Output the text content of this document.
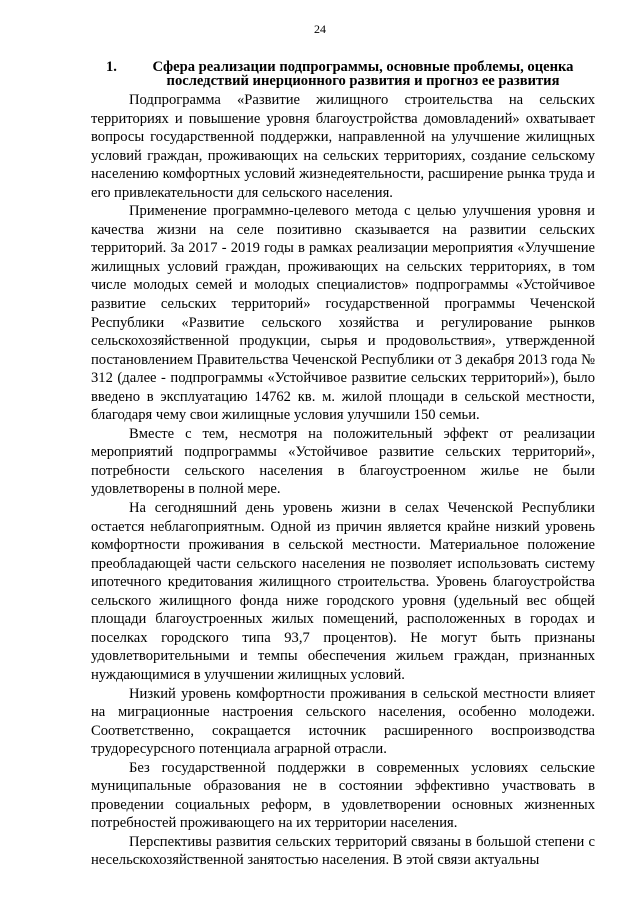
24
1.	Сфера реализации подпрограммы, основные проблемы, оценка последствий инерционного развития и прогноз ее развития

Подпрограмма «Развитие жилищного строительства на сельских территориях и повышение уровня благоустройства домовладений» охватывает вопросы государственной поддержки, направленной на улучшение жилищных условий граждан, проживающих на сельских территориях, создание сельскому населению комфортных условий жизнедеятельности, расширение рынка труда и его привлекательности для сельского населения.

Применение программно-целевого метода с целью улучшения уровня и качества жизни на селе позитивно сказывается на развитии сельских территорий. За 2017 - 2019 годы в рамках реализации мероприятия «Улучшение жилищных условий граждан, проживающих на сельских территориях, в том числе молодых семей и молодых специалистов» подпрограммы «Устойчивое развитие сельских территорий» государственной программы Чеченской Республики «Развитие сельского хозяйства и регулирование рынков сельскохозяйственной продукции, сырья и продовольствия», утвержденной постановлением Правительства Чеченской Республики от 3 декабря 2013 года № 312 (далее - подпрограммы «Устойчивое развитие сельских территорий»), было введено в эксплуатацию 14762 кв. м. жилой площади в сельской местности, благодаря чему свои жилищные условия улучшили 150 семьи.

Вместе с тем, несмотря на положительный эффект от реализации мероприятий подпрограммы «Устойчивое развитие сельских территорий», потребности сельского населения в благоустроенном жилье не были удовлетворены в полной мере.

На сегодняшний день уровень жизни в селах Чеченской Республики остается неблагоприятным. Одной из причин является крайне низкий уровень комфортности проживания в сельской местности. Материальное положение преобладающей части сельского населения не позволяет использовать систему ипотечного кредитования жилищного строительства. Уровень благоустройства сельского жилищного фонда ниже городского уровня (удельный вес общей площади благоустроенных жилых помещений, расположенных в городах и поселках городского типа 93,7 процентов). Не могут быть признаны удовлетворительными и темпы обеспечения жильем граждан, признанных нуждающимися в улучшении жилищных условий.

Низкий уровень комфортности проживания в сельской местности влияет на миграционные настроения сельского населения, особенно молодежи. Соответственно, сокращается источник расширенного воспроизводства трудоресурсного потенциала аграрной отрасли.

Без государственной поддержки в современных условиях сельские муниципальные образования не в состоянии эффективно участвовать в проведении социальных реформ, в удовлетворении основных жизненных потребностей проживающего на их территории населения.

Перспективы развития сельских территорий связаны в большой степени с несельскохозяйственной занятостью населения. В этой связи актуальны
